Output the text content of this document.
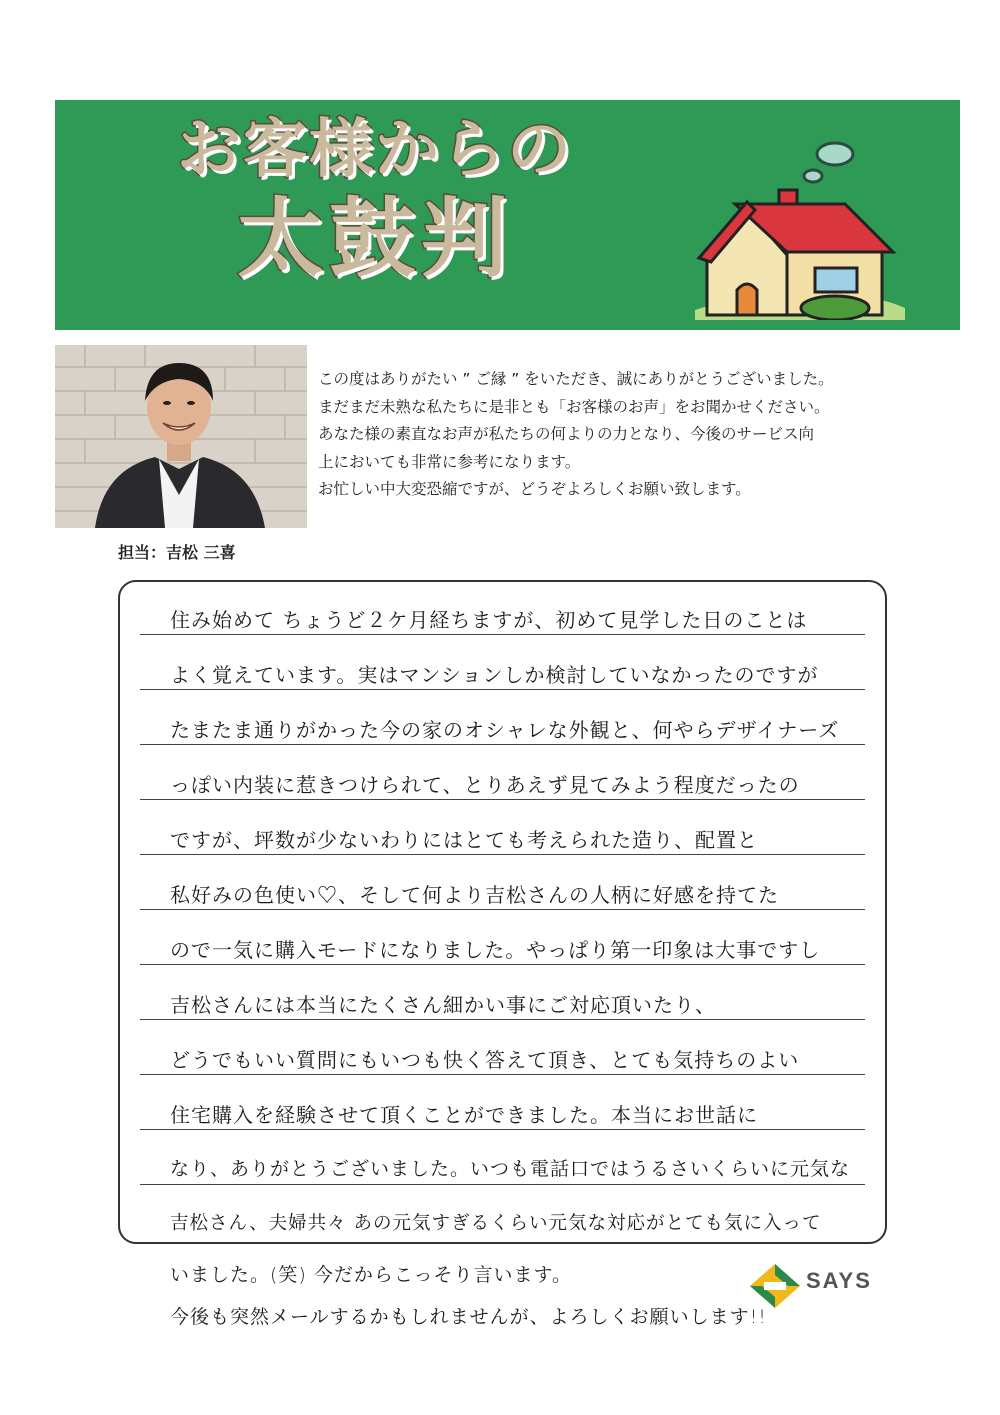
お客様からの
太鼓判
担当：吉松 三喜

この度はありがたい ” ご縁 ” をいただき、誠にありがとうございました。

まだまだ未熟な私たちに是非とも「お客様のお声」をお聞かせください。

あなた様の素直なお声が私たちの何よりの力となり、今後のサービス向

上においても非常に参考になります。

お忙しい中大変恐縮ですが、どうぞよろしくお願い致します。

住み始めて ちょうど２ケ月経ちますが、初めて見学した日のことは
よく覚えています。実はマンションしか検討していなかったのですが
たまたま通りがかった今の家のオシャレな外観と、何やらデザイナーズ
っぽい内装に惹きつけられて、とりあえず見てみよう程度だったの
ですが、坪数が少ないわりにはとても考えられた造り、配置と
私好みの色使い♡、そして何より吉松さんの人柄に好感を持てた
ので一気に購入モードになりました。やっぱり第一印象は大事ですし
吉松さんには本当にたくさん細かい事にご対応頂いたり、
どうでもいい質問にもいつも快く答えて頂き、とても気持ちのよい
住宅購入を経験させて頂くことができました。本当にお世話に
なり、ありがとうございました。いつも電話口ではうるさいくらいに元気な
吉松さん、夫婦共々 あの元気すぎるくらい元気な対応がとても気に入って
いました。(笑) 今だからこっそり言います。
今後も突然メールするかもしれませんが、よろしくお願いします!!
SAYS
